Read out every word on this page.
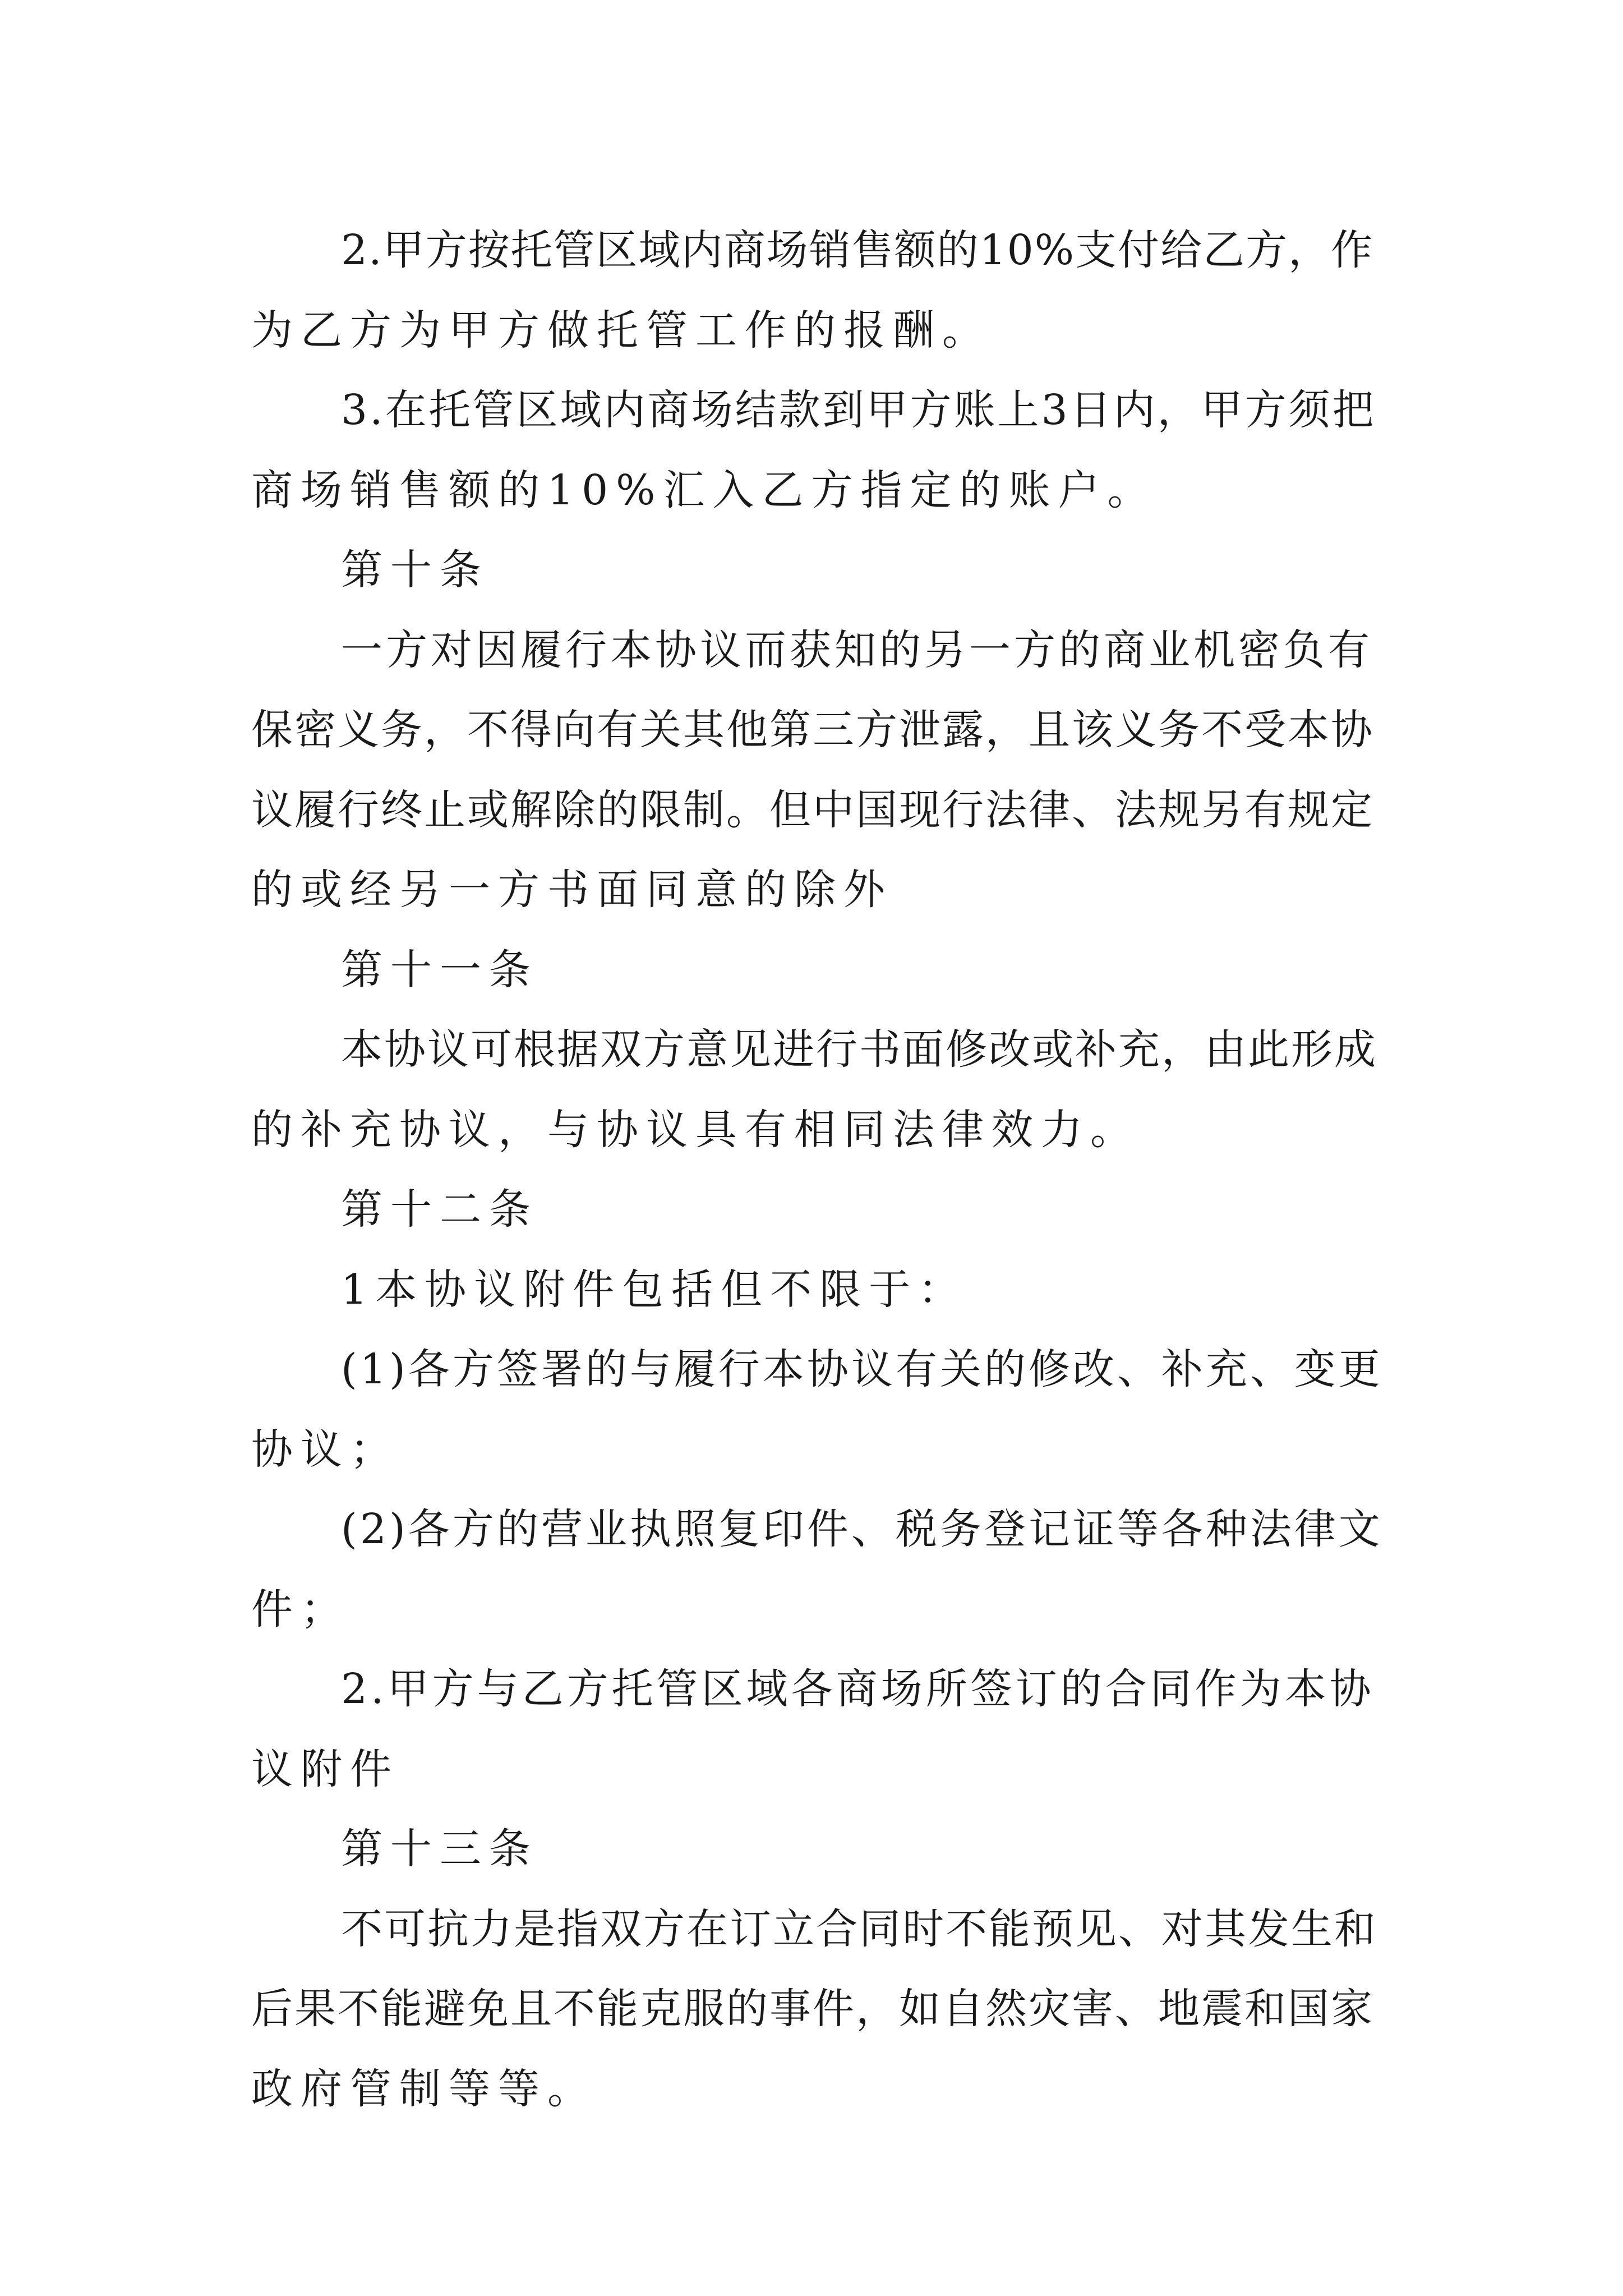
2.甲方按托管区域内商场销售额的10%支付给乙方，作
为乙方为甲方做托管工作的报酬。
3.在托管区域内商场结款到甲方账上3日内，甲方须把
商场销售额的10%汇入乙方指定的账户。
第十条
一方对因履行本协议而获知的另一方的商业机密负有
保密义务，不得向有关其他第三方泄露，且该义务不受本协
议履行终止或解除的限制。但中国现行法律、法规另有规定
的或经另一方书面同意的除外
第十一条
本协议可根据双方意见进行书面修改或补充，由此形成
的补充协议，与协议具有相同法律效力。
第十二条
1本协议附件包括但不限于：
(1)各方签署的与履行本协议有关的修改、补充、变更
协议；
(2)各方的营业执照复印件、税务登记证等各种法律文
件；
2.甲方与乙方托管区域各商场所签订的合同作为本协
议附件
第十三条
不可抗力是指双方在订立合同时不能预见、对其发生和
后果不能避免且不能克服的事件，如自然灾害、地震和国家
政府管制等等。
